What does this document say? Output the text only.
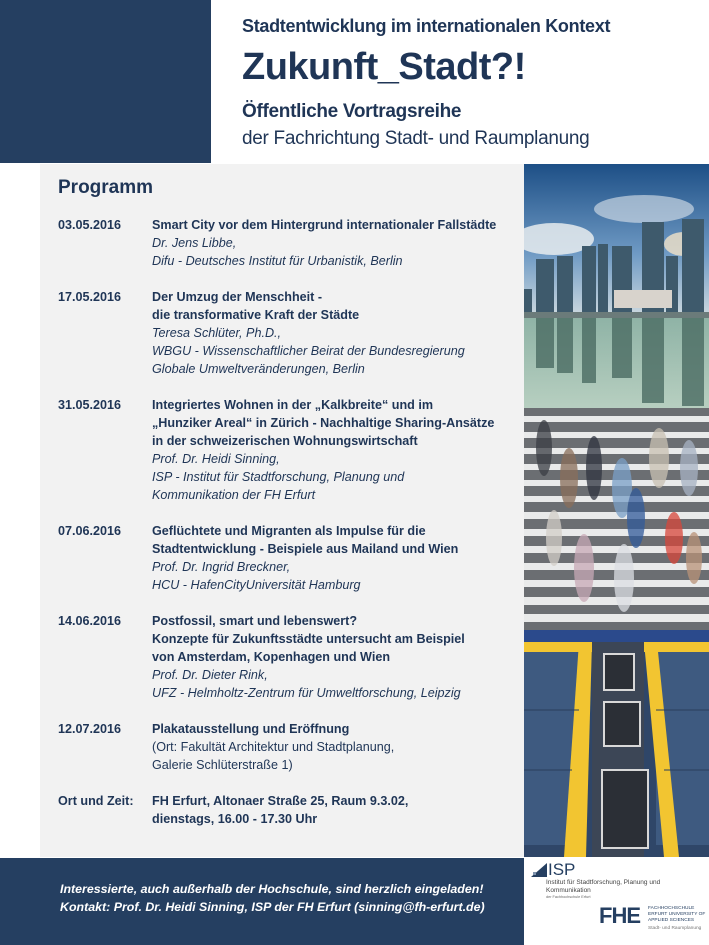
Stadtentwicklung im internationalen Kontext

Zukunft_Stadt?!

Öffentliche Vortragsreihe

der Fachrichtung Stadt- und Raumplanung

Programm
03.05.2016	Smart City vor dem Hintergrund internationaler Fallstädte
Dr. Jens Libbe,
Difu - Deutsches Institut für Urbanistik, Berlin
17.05.2016	Der Umzug der Menschheit -
die transformative Kraft der Städte
Teresa Schlüter, Ph.D.,
WBGU - Wissenschaftlicher Beirat der Bundesregierung
Globale Umweltveränderungen, Berlin
31.05.2016	Integriertes Wohnen in der „Kalkbreite“ und im
„Hunziker Areal“ in Zürich - Nachhaltige Sharing-Ansätze
in der schweizerischen Wohnungswirtschaft
Prof. Dr. Heidi Sinning,
ISP - Institut für Stadtforschung, Planung und
Kommunikation der FH Erfurt
07.06.2016	Geflüchtete und Migranten als Impulse für die
Stadtentwicklung - Beispiele aus Mailand und Wien
Prof. Dr. Ingrid Breckner,
HCU - HafenCityUniversität Hamburg
14.06.2016	Postfossil, smart und lebenswert?
Konzepte für Zukunftsstädte untersucht am Beispiel
von Amsterdam, Kopenhagen und Wien
Prof. Dr. Dieter Rink,
UFZ - Helmholtz-Zentrum für Umweltforschung, Leipzig
12.07.2016	Plakatausstellung und Eröffnung
(Ort: Fakultät Architektur und Stadtplanung,
Galerie Schlüterstraße 1)
Ort und Zeit:	FH Erfurt, Altonaer Straße 25, Raum 9.3.02,
dienstags, 16.00 - 17.30 Uhr

Interessierte, auch außerhalb der Hochschule, sind herzlich eingeladen!

Kontakt: Prof. Dr. Heidi Sinning, ISP der FH Erfurt (sinning@fh-erfurt.de)

ISP
Institut für Stadtforschung, Planung und Kommunikation
der Fachhochschule Erfurt
FHE FACHHOCHSCHULE ERFURT UNIVERSITY OF APPLIED SCIENCES
Stadt- und Raumplanung
